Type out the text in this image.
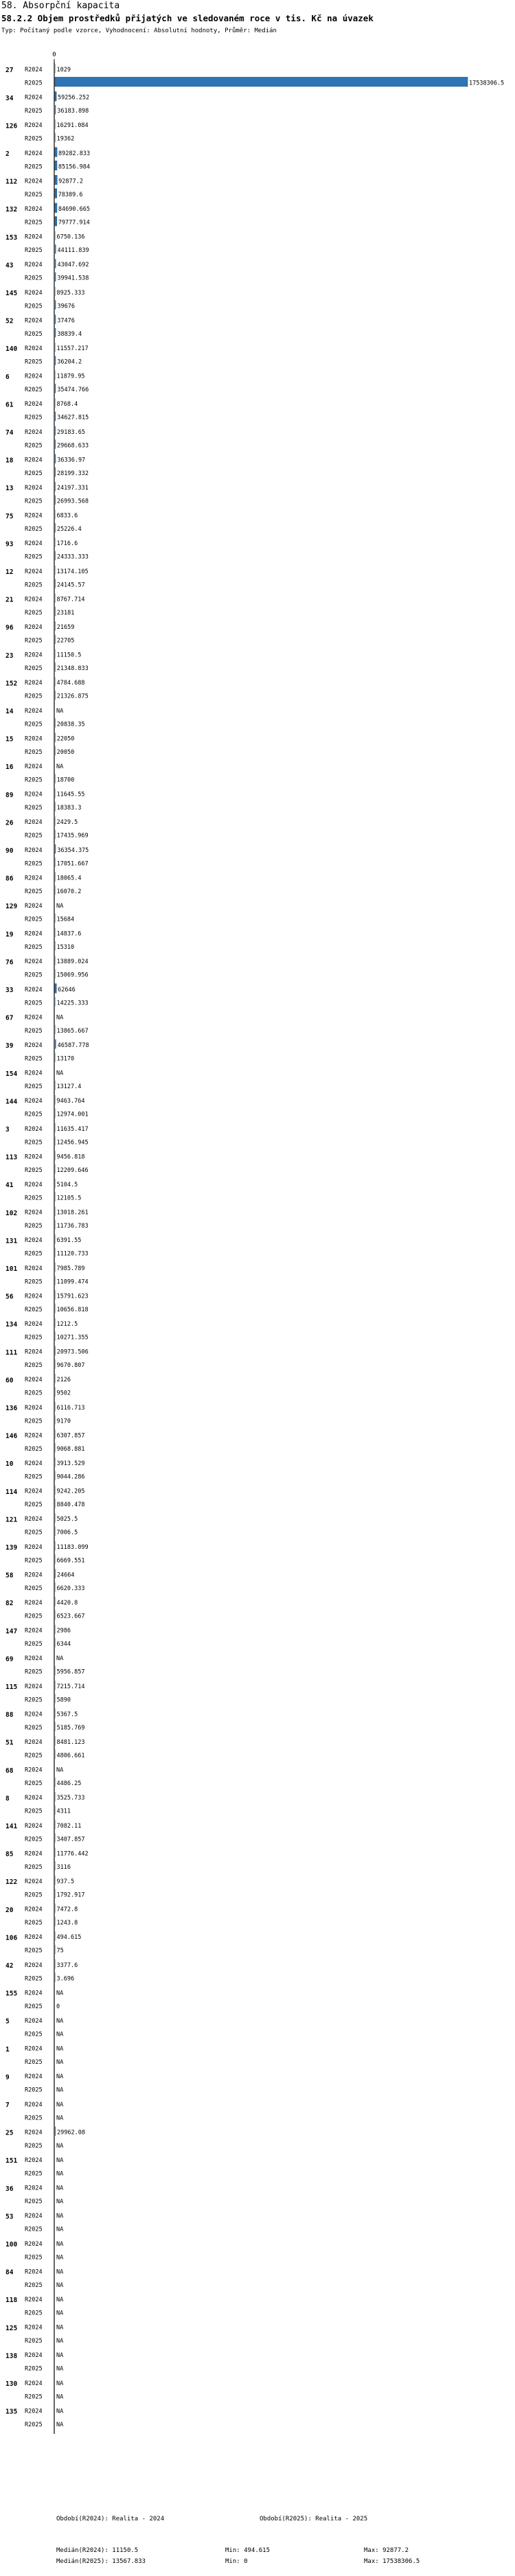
58. Absorpční kapacita
58.2.2 Objem prostředků přijatých ve sledovaném roce v tis. Kč na úvazek
Typ: Počítaný podle vzorce, Vyhodnocení: Absolutní hodnoty, Průměr: Medián
0
27 R2024 1029
R2025	17538306.5
34 R2024	59256.252
R2025	36183.898
126 R2024 16291.084
R2025 19362
2	R2024	89282.833
R2025	85156.984
112 R2024	92877.2
R2025	78389.6
132 R2024	84690.665
R2025	79777.914
153 R2024 6750.136
R2025	44111.839
43 R2024	43047.692
R2025	39941.538
145 R2024 8925.333
R2025	39676
52 R2024	37476
R2025	38839.4
140 R2024 11557.217
R2025	36204.2
6	R2024 11879.95
R2025	35474.766
61 R2024 8768.4
R2025	34627.815
74 R2024	29183.65
R2025	29668.633
18 R2024	36336.97
R2025	28199.332
13 R2024 24197.331
R2025	26993.568
75 R2024 6833.6
R2025	25226.4
93 R2024 1716.6
R2025 24333.333
12 R2024 13174.105
R2025 24145.57
21 R2024 8767.714
R2025 23181
96 R2024 21659
R2025 22705
23 R2024 11150.5
R2025 21348.833
152 R2024 4784.688
R2025 21326.875
14 R2024 NA
R2025 20838.35
15 R2024 22050
R2025 20050
16 R2024 NA
R2025 18700
89 R2024 11645.55
R2025 18383.3
26 R2024 2429.5
R2025 17435.969
90 R2024	36354.375
R2025 17051.667
86 R2024 18065.4
R2025 16070.2
129 R2024 NA
R2025 15684
19 R2024 14837.6
R2025 15310
76 R2024 13889.024
R2025 15069.956
33 R2024	62646
R2025 14225.333
67 R2024 NA
R2025 13865.667
39 R2024	46587.778
R2025 13170
154 R2024 NA
R2025 13127.4
144 R2024 9463.764
R2025 12974.001
3	R2024 11635.417
R2025 12456.945
113 R2024 9456.818
R2025 12209.646
41 R2024 5104.5
R2025 12105.5
102 R2024 13018.261
R2025 11736.783
131 R2024 6391.55
R2025 11120.733
101 R2024 7985.789
R2025 11099.474
56 R2024 15791.623
R2025 10656.818
134 R2024 1212.5
R2025 10271.355
111 R2024 20973.506
R2025 9670.807
60 R2024 2126
R2025 9502
136 R2024 6116.713
R2025 9170
146 R2024 6307.857
R2025 9068.881
10 R2024 3913.529
R2025 9044.286
114 R2024 9242.205
R2025 8840.478
121 R2024 5025.5
R2025 7006.5
139 R2024 11183.099
R2025 6669.551
58 R2024	24664
R2025 6620.333
82 R2024 4420.8
R2025 6523.667
147 R2024 2986
R2025 6344
69 R2024 NA
R2025 5956.857
115 R2024 7215.714
R2025 5890
88 R2024 5367.5
R2025 5185.769
51 R2024 8481.123
R2025 4806.661
68 R2024 NA
R2025 4486.25
8	R2024 3525.733
R2025 4311
141 R2024 7082.11
R2025 3407.857
85 R2024 11776.442
R2025 3116
122 R2024 937.5
R2025 1792.917
20 R2024 7472.8
R2025 1243.8
106 R2024 494.615
R2025 75
42 R2024 3377.6
R2025 3.696
155 R2024 NA
R2025 0
5	R2024 NA
R2025 NA
1	R2024 NA
R2025 NA
9	R2024 NA
R2025 NA
7	R2024 NA
R2025 NA
25 R2024	29962.08
R2025 NA
151 R2024 NA
R2025 NA
36 R2024 NA
R2025 NA
53 R2024 NA
R2025 NA
100 R2024 NA
R2025 NA
84 R2024 NA
R2025 NA
118 R2024 NA
R2025 NA
125 R2024 NA
R2025 NA
138 R2024 NA
R2025 NA
130 R2024 NA
R2025 NA
135 R2024 NA
R2025 NA
Období(R2024): Realita - 2024	Období(R2025): Realita - 2025
Medián(R2024): 11150.5
Medián(R2025): 13567.833
Min: 494.615
Min: 0
Max: 92877.2
Max: 17538306.5
